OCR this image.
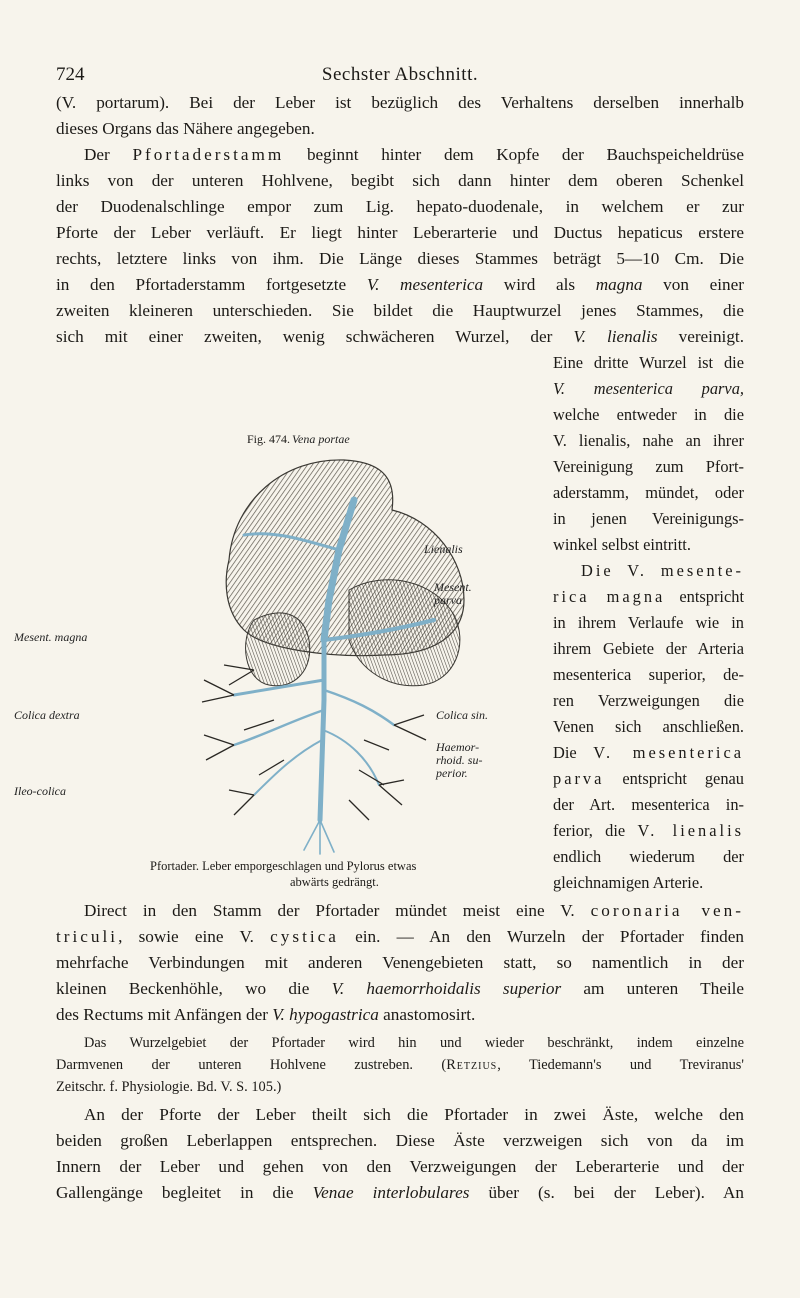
724	Sechster Abschnitt.
(V. portarum). Bei der Leber ist bezüglich des Verhaltens derselben innerhalb
dieses Organs das Nähere angegeben.
Der Pfortaderstamm beginnt hinter dem Kopfe der Bauchspeicheldrüse
links von der unteren Hohlvene, begibt sich dann hinter dem oberen Schenkel
der Duodenalschlinge empor zum Lig. hepato-duodenale, in welchem er zur
Pforte der Leber verläuft. Er liegt hinter Leberarterie und Ductus hepaticus erstere
rechts, letztere links von ihm. Die Länge dieses Stammes beträgt 5—10 Cm. Die
in den Pfortaderstamm fortgesetzte V. mesenterica wird als magna von einer
zweiten kleineren unterschieden. Sie bildet die Hauptwurzel jenes Stammes, die
sich mit einer zweiten, wenig schwächeren Wurzel, der V. lienalis vereinigt.
Eine dritte Wurzel ist die
V. mesenterica parva,
welche entweder in die
V. lienalis, nahe an ihrer
Vereinigung zum Pfort-
aderstamm, mündet, oder
in jenen Vereinigungs-
winkel selbst eintritt.
Die V. mesente-
rica magna entspricht
in ihrem Verlaufe wie in
ihrem Gebiete der Arteria
mesenterica superior, de-
ren Verzweigungen die
Venen sich anschließen.
Die V. mesenterica
parva entspricht genau
der Art. mesenterica in-
ferior, die V. lienalis
endlich wiederum der
gleichnamigen Arterie.
Fig. 474. Vena portae
Lienalis
Mesent. magna
Mesent.
parva
Colica dextra	Colica sin.
Haemor-
rhoid. su-
perior.
Ileo-colica
Pfortader. Leber emporgeschlagen und Pylorus etwas
abwärts gedrängt.
Direct in den Stamm der Pfortader mündet meist eine V. coronaria ven-
triculi, sowie eine V. cystica ein. — An den Wurzeln der Pfortader finden
mehrfache Verbindungen mit anderen Venengebieten statt, so namentlich in der
kleinen Beckenhöhle, wo die V. haemorrhoidalis superior am unteren Theile
des Rectums mit Anfängen der V. hypogastrica anastomosirt.
Das Wurzelgebiet der Pfortader wird hin und wieder beschränkt, indem einzelne
Darmvenen der unteren Hohlvene zustreben. (Retzius, Tiedemann's und Treviranus'
Zeitschr. f. Physiologie. Bd. V. S. 105.)
An der Pforte der Leber theilt sich die Pfortader in zwei Äste, welche den
beiden großen Leberlappen entsprechen. Diese Äste verzweigen sich von da im
Innern der Leber und gehen von den Verzweigungen der Leberarterie und der
Gallengänge begleitet in die Venae interlobulares über (s. bei der Leber). An
